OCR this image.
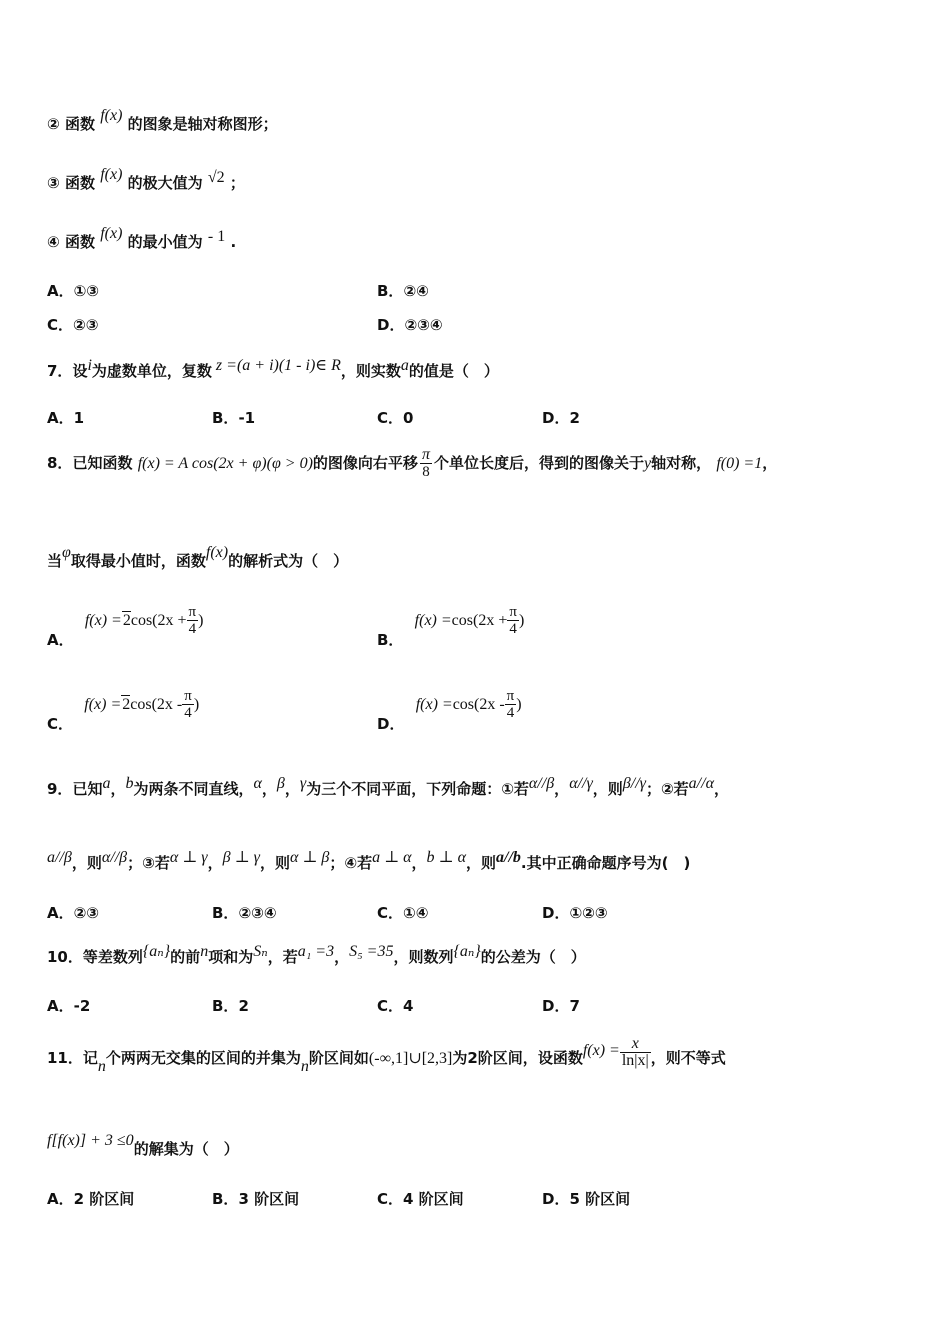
② 函数 f(x) 的图象是轴对称图形；
③ 函数 f(x) 的极大值为 √2 ；
④ 函数 f(x) 的最小值为 - 1 .
A．①③	B．②④
C．②③	D．②③④
7．设i为虚数单位，复数 z =(a + i)(1 - i)∈ R，则实数a的值是（　）
A．1	B．-1	C．0	D．2
8．已知函数 f(x) = A cos(2x + φ)(φ > 0)的图像向右平移 $\frac{\pi}{8}$ 个单位长度后，得到的图像关于y轴对称， f(0) =1，
当φ取得最小值时，函数f(x)的解析式为（　）
A． $f(x) =2\cos(2x + \frac{\pi}{4}$ )
B． $f(x) =\cos(2x + \frac{\pi}{4}$ )
C． $f(x) =2\cos(2x - \frac{\pi}{4}$ )
D． $f(x) =\cos(2x - \frac{\pi}{4}$ )
9．已知a，b为两条不同直线，α，β，γ为三个不同平面，下列命题：①若α//β，α//γ，则β//γ；②若a//α，
a//β，则α//β；③若α ⊥ γ，β ⊥ γ，则α ⊥ β；④若a ⊥ α，b ⊥ α，则a//b.其中正确命题序号为(　)
A．②③	B．②③④	C．①④	D．①②③
10．等差数列{aₙ}的前n项和为Sₙ，若a₁ =3，S₅ =35，则数列{aₙ}的公差为（　）
A．-2	B．2	C．4	D．7
11．记n个两两无交集的区间的并集为n阶区间如(-∞,1]∪[2,3]为2阶区间，设函数$f(x) = \frac{x}{\ln|x|}$ ，则不等式
f[f(x)] + 3 ≤0的解集为（　）
A．2 阶区间	B．3 阶区间	C．4 阶区间	D．5 阶区间
